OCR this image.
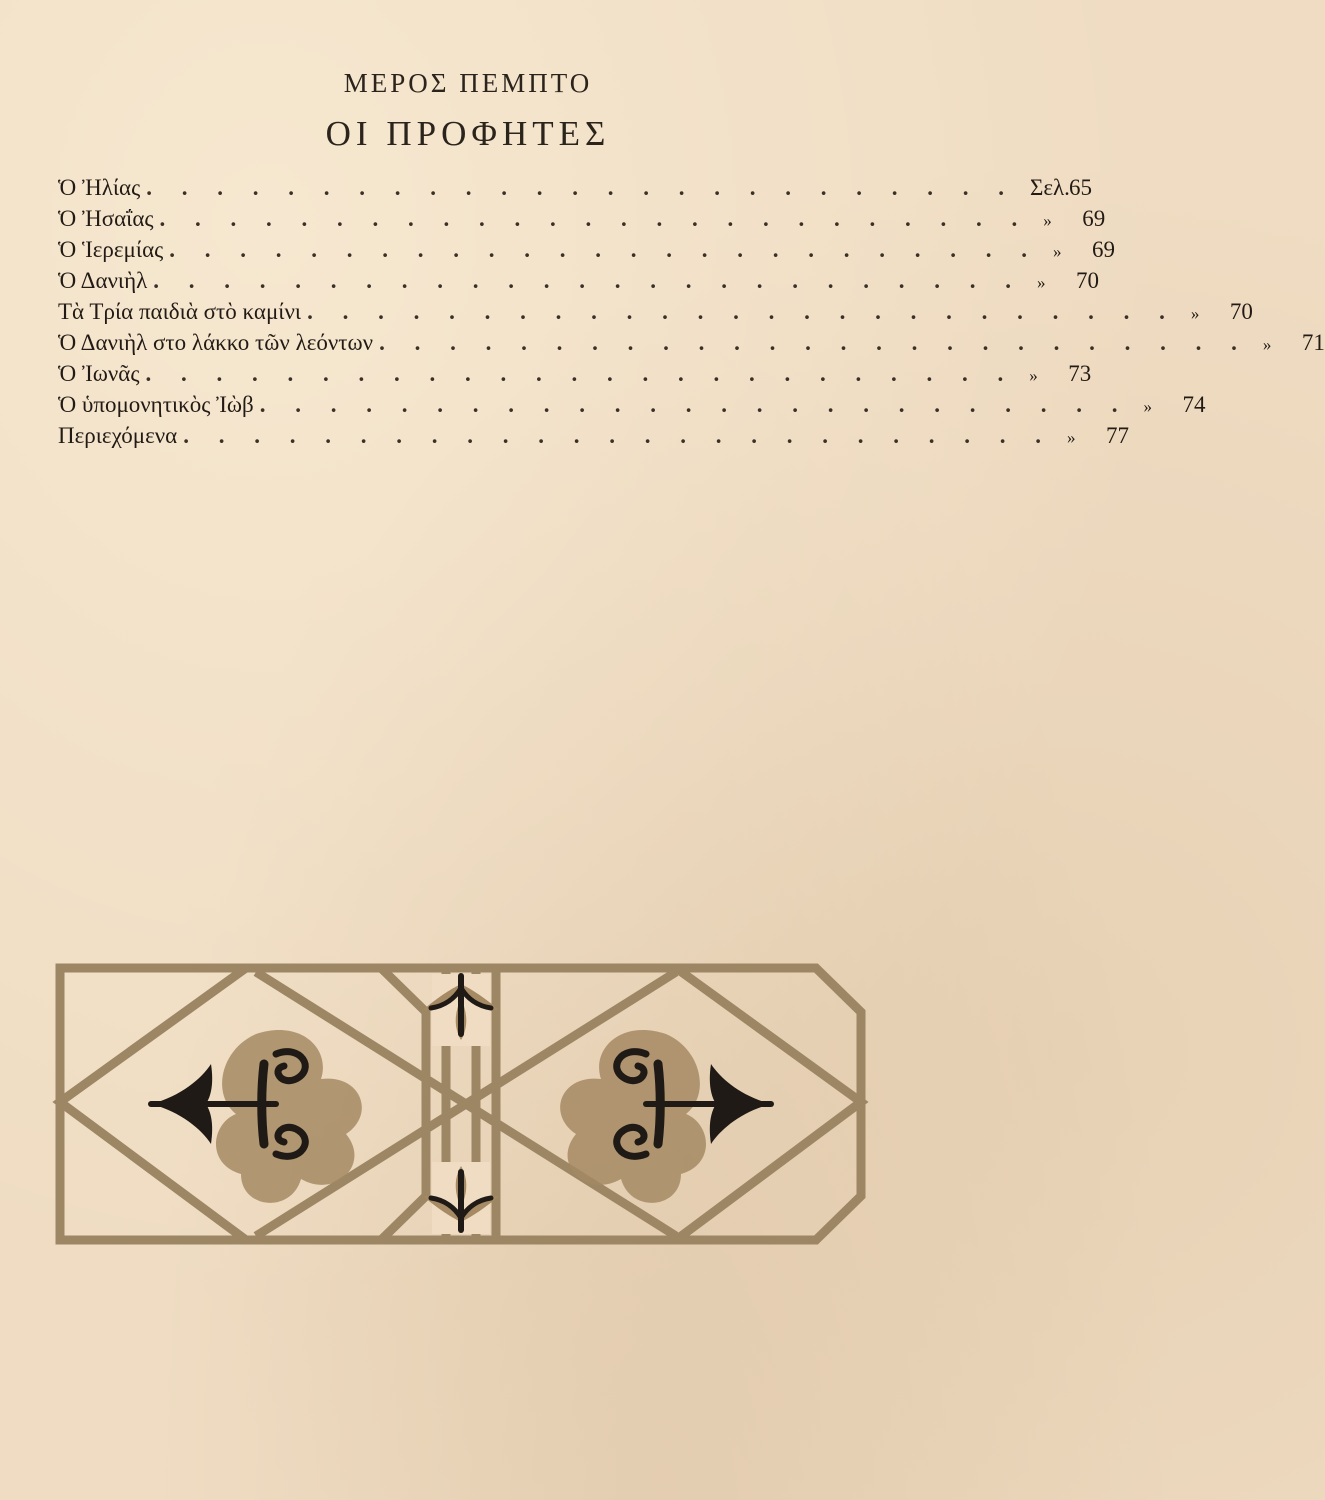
ΜΕΡΟΣ ΠΕΜΠΤΟ
ΟΙ ΠΡΟΦΗΤΕΣ
Ὁ Ἠλίας . . . . . . . . . . . . . . . . . . . . . . . . . Σελ.65
Ὁ Ἠσαΐας . . . . . . . . . . . . . . . . . . . . . . . . . » 69
Ὁ Ἱερεμίας . . . . . . . . . . . . . . . . . . . . . . . . . » 69
Ὁ Δανιὴλ . . . . . . . . . . . . . . . . . . . . . . . . . » 70
Τὰ Τρία παιδιὰ στὸ καμίνι . . . . . . . . . . . . . . . . . . . . . . . . . » 70
Ὁ Δανιὴλ στο λάκκο τῶν λεόντων . . . . . . . . . . . . . . . . . . . . . . . . . » 71
Ὁ Ἰωνᾶς . . . . . . . . . . . . . . . . . . . . . . . . . » 73
Ὁ ὑπομονητικὸς Ἰὼβ . . . . . . . . . . . . . . . . . . . . . . . . . » 74
Περιεχόμενα . . . . . . . . . . . . . . . . . . . . . . . . . » 77
